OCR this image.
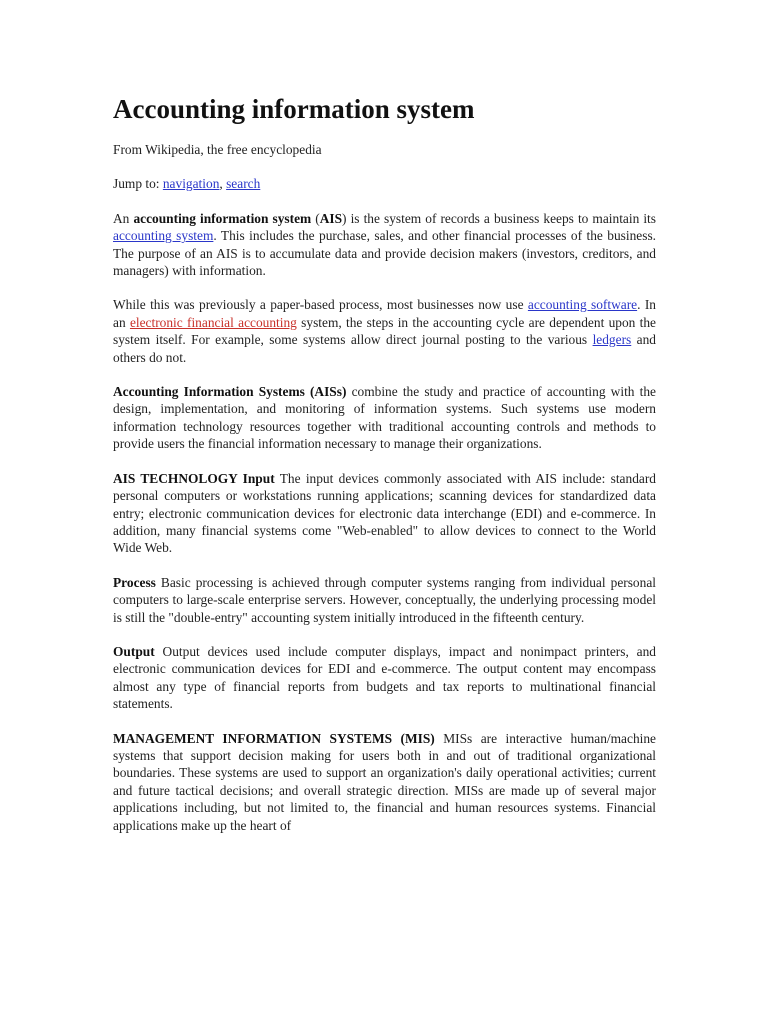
Accounting information system
From Wikipedia, the free encyclopedia
Jump to: navigation, search

An accounting information system (AIS) is the system of records a business keeps to maintain its accounting system. This includes the purchase, sales, and other financial processes of the business. The purpose of an AIS is to accumulate data and provide decision makers (investors, creditors, and managers) with information.

While this was previously a paper-based process, most businesses now use accounting software. In an electronic financial accounting system, the steps in the accounting cycle are dependent upon the system itself. For example, some systems allow direct journal posting to the various ledgers and others do not.

Accounting Information Systems (AISs) combine the study and practice of accounting with the design, implementation, and monitoring of information systems. Such systems use modern information technology resources together with traditional accounting controls and methods to provide users the financial information necessary to manage their organizations.

AIS TECHNOLOGY Input The input devices commonly associated with AIS include: standard personal computers or workstations running applications; scanning devices for standardized data entry; electronic communication devices for electronic data interchange (EDI) and e-commerce. In addition, many financial systems come "Web-enabled" to allow devices to connect to the World Wide Web.

Process Basic processing is achieved through computer systems ranging from individual personal computers to large-scale enterprise servers. However, conceptually, the underlying processing model is still the "double-entry" accounting system initially introduced in the fifteenth century.

Output Output devices used include computer displays, impact and nonimpact printers, and electronic communication devices for EDI and e-commerce. The output content may encompass almost any type of financial reports from budgets and tax reports to multinational financial statements.

MANAGEMENT INFORMATION SYSTEMS (MIS) MISs are interactive human/machine systems that support decision making for users both in and out of traditional organizational boundaries. These systems are used to support an organization's daily operational activities; current and future tactical decisions; and overall strategic direction. MISs are made up of several major applications including, but not limited to, the financial and human resources systems. Financial applications make up the heart of
